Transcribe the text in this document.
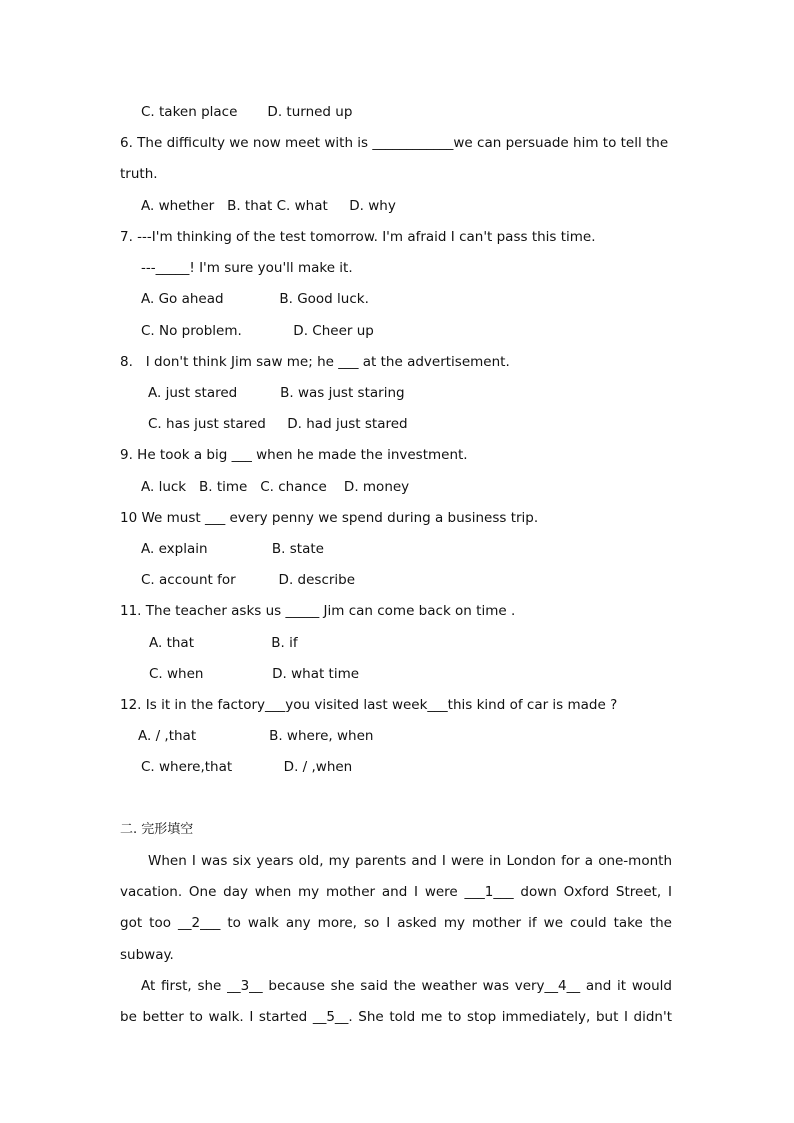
C. taken place       D. turned up
6. The difficulty we now meet with is ____________we can persuade him to tell the
truth.
A. whether   B. that C. what     D. why
7. ---I'm thinking of the test tomorrow. I'm afraid I can't pass this time.
---_____! I'm sure you'll make it.
A. Go ahead             B. Good luck.
C. No problem.            D. Cheer up
8.   I don't think Jim saw me; he ___ at the advertisement.
A. just stared          B. was just staring
C. has just stared     D. had just stared
9. He took a big ___ when he made the investment.
A. luck   B. time   C. chance    D. money
10 We must ___ every penny we spend during a business trip.
A. explain               B. state
C. account for          D. describe
11. The teacher asks us _____ Jim can come back on time .
A. that                  B. if
C. when                D. what time
12. Is it in the factory___you visited last week___this kind of car is made ?
A. / ,that                 B. where, when
C. where,that            D. / ,when
二. 完形填空
When I was six years old, my parents and I were in London for a one-month
vacation. One day when my mother and I were ___1___ down Oxford Street, I
got too __2___ to walk any more, so I asked my mother if we could take the
subway.
At first, she __3__ because she said the weather was very__4__ and it would
be better to walk. I started __5__. She told me to stop immediately, but I didn't
